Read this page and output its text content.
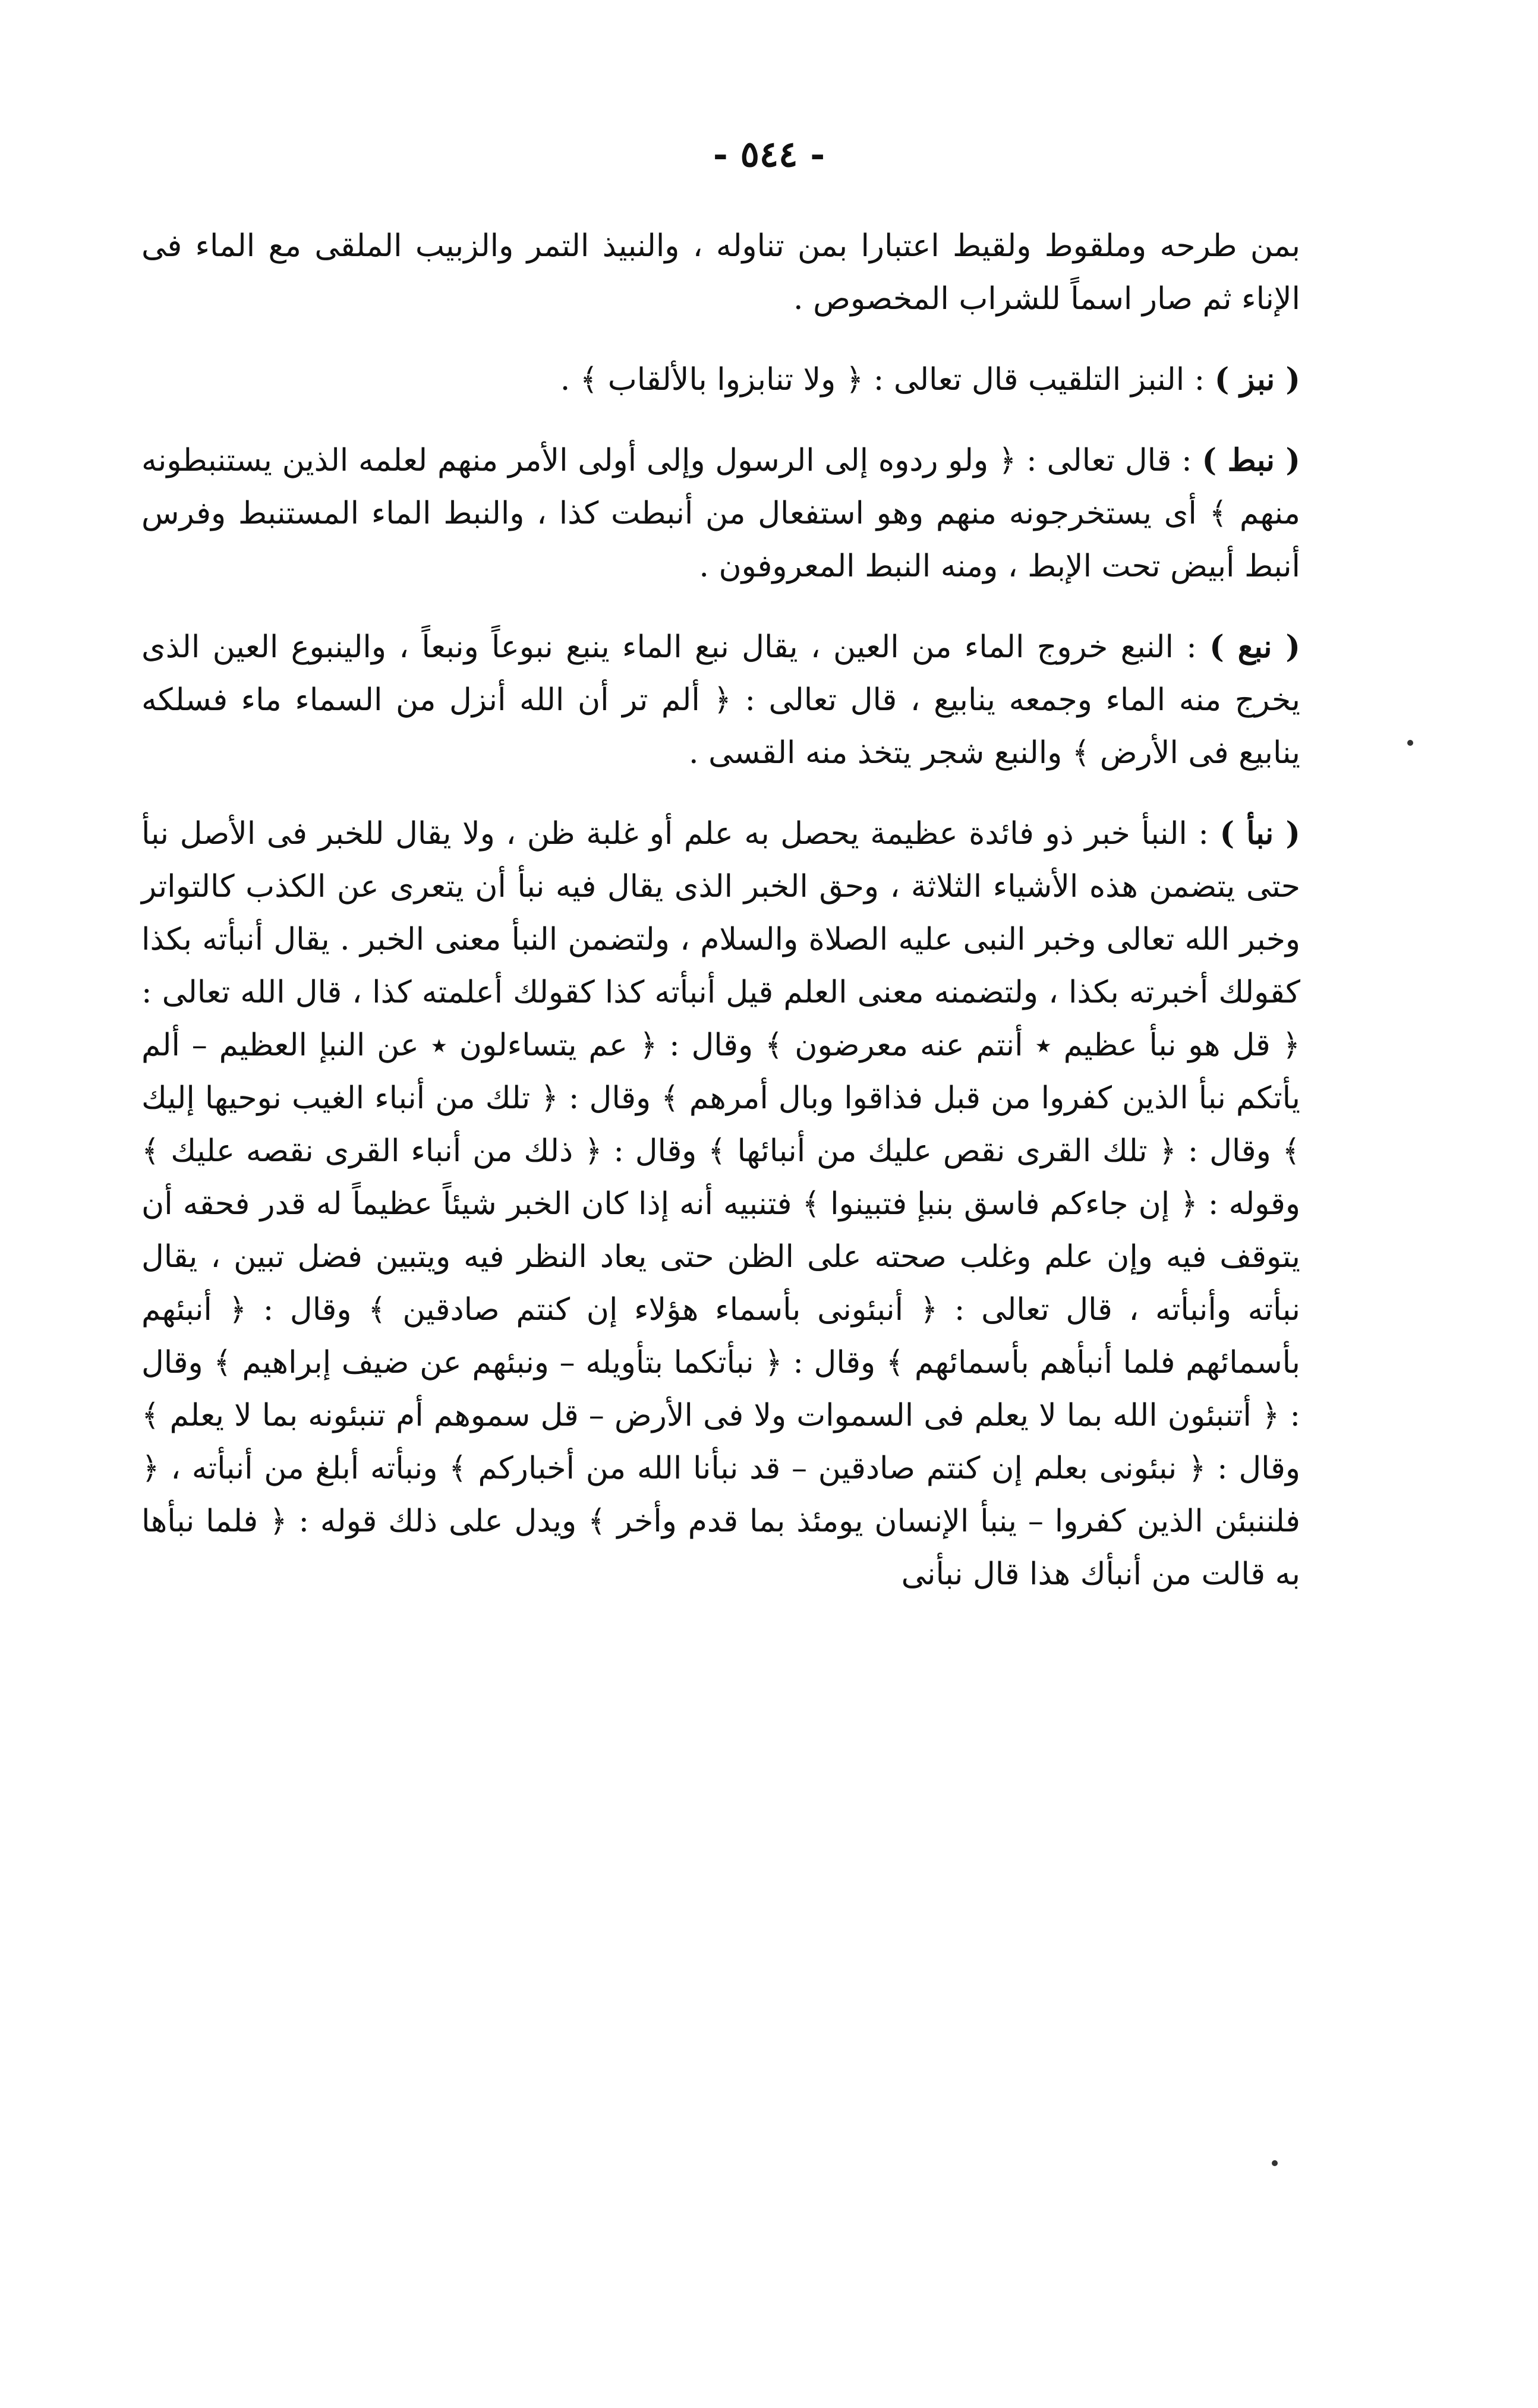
- ٥٤٤ -

بمن طرحه وملقوط ولقيط اعتبارا بمن تناوله ، والنبيذ التمر والزبيب الملقى مع الماء فى الإناء ثم صار اسماً للشراب المخصوص .

( نبز ) : النبز التلقيب قال تعالى : ﴿ ولا تنابزوا بالألقاب ﴾ .

( نبط ) : قال تعالى : ﴿ ولو ردوه إلى الرسول وإلى أولى الأمر منهم لعلمه الذين يستنبطونه منهم ﴾ أى يستخرجونه منهم وهو استفعال من أنبطت كذا ، والنبط الماء المستنبط وفرس أنبط أبيض تحت الإبط ، ومنه النبط المعروفون .

( نبع ) : النبع خروج الماء من العين ، يقال نبع الماء ينبع نبوعاً ونبعاً ، والينبوع العين الذى يخرج منه الماء وجمعه ينابيع ، قال تعالى : ﴿ ألم تر أن الله أنزل من السماء ماء فسلكه ينابيع فى الأرض ﴾ والنبع شجر يتخذ منه القسى .

( نبأ ) : النبأ خبر ذو فائدة عظيمة يحصل به علم أو غلبة ظن ، ولا يقال للخبر فى الأصل نبأ حتى يتضمن هذه الأشياء الثلاثة ، وحق الخبر الذى يقال فيه نبأ أن يتعرى عن الكذب كالتواتر وخبر الله تعالى وخبر النبى عليه الصلاة والسلام ، ولتضمن النبأ معنى الخبر . يقال أنبأته بكذا كقولك أخبرته بكذا ، ولتضمنه معنى العلم قيل أنبأته كذا كقولك أعلمته كذا ، قال الله تعالى : ﴿ قل هو نبأ عظيم ٭ أنتم عنه معرضون ﴾ وقال : ﴿ عم يتساءلون ٭ عن النبإ العظيم – ألم يأتكم نبأ الذين كفروا من قبل فذاقوا وبال أمرهم ﴾ وقال : ﴿ تلك من أنباء الغيب نوحيها إليك ﴾ وقال : ﴿ تلك القرى نقص عليك من أنبائها ﴾ وقال : ﴿ ذلك من أنباء القرى نقصه عليك ﴾ وقوله : ﴿ إن جاءكم فاسق بنبإ فتبينوا ﴾ فتنبيه أنه إذا كان الخبر شيئاً عظيماً له قدر فحقه أن يتوقف فيه وإن علم وغلب صحته على الظن حتى يعاد النظر فيه ويتبين فضل تبين ، يقال نبأته وأنبأته ، قال تعالى : ﴿ أنبئونى بأسماء هؤلاء إن كنتم صادقين ﴾ وقال : ﴿ أنبئهم بأسمائهم فلما أنبأهم بأسمائهم ﴾ وقال : ﴿ نبأتكما بتأويله – ونبئهم عن ضيف إبراهيم ﴾ وقال : ﴿ أتنبئون الله بما لا يعلم فى السموات ولا فى الأرض – قل سموهم أم تنبئونه بما لا يعلم ﴾ وقال : ﴿ نبئونى بعلم إن كنتم صادقين – قد نبأنا الله من أخباركم ﴾ ونبأته أبلغ من أنبأته ، ﴿ فلننبئن الذين كفروا – ينبأ الإنسان يومئذ بما قدم وأخر ﴾ ويدل على ذلك قوله : ﴿ فلما نبأها به قالت من أنبأك هذا قال نبأنى
